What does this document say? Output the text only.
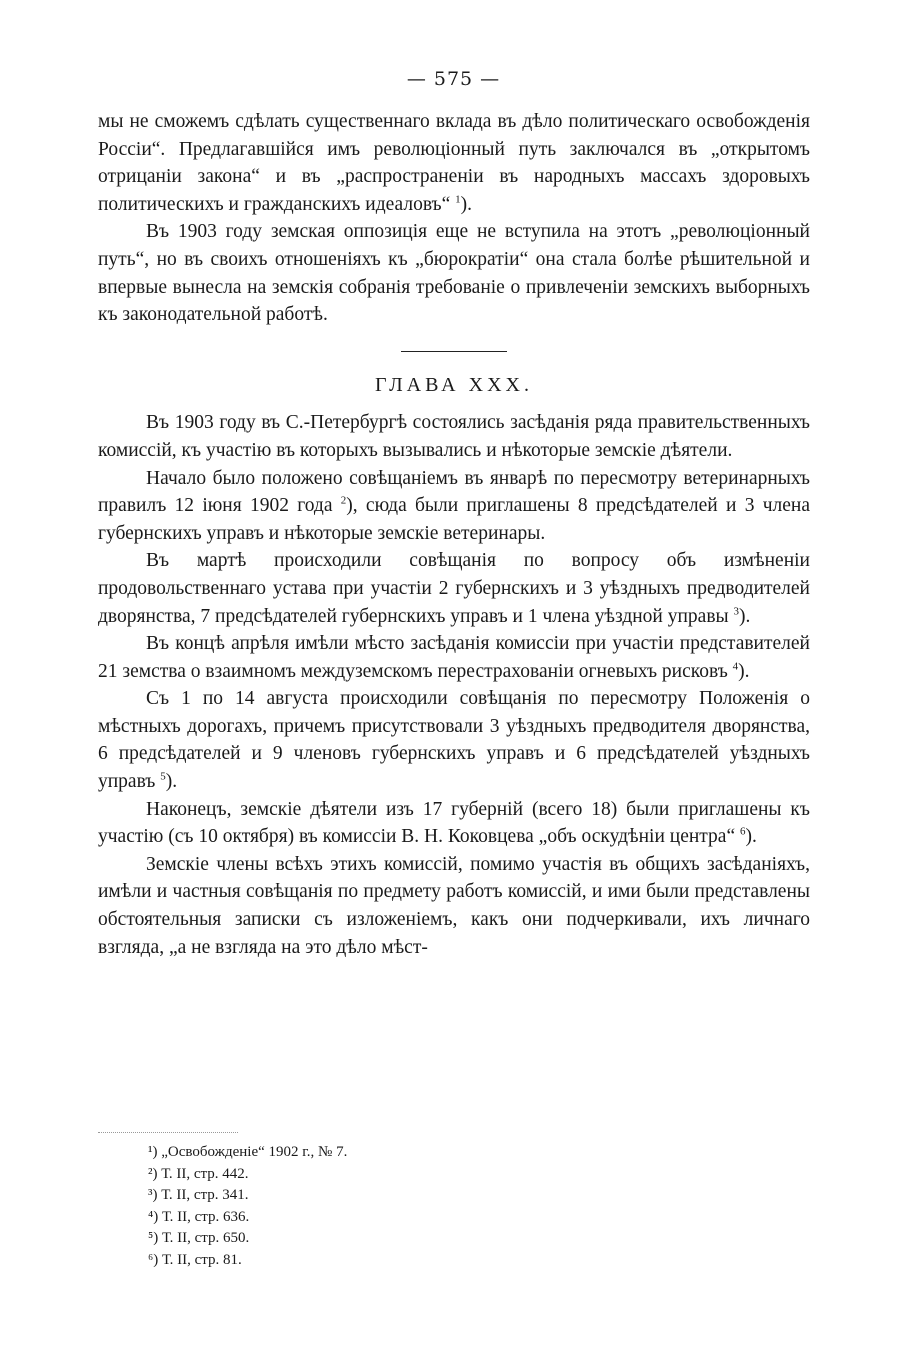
— 575 —

мы не сможемъ сдѣлать существеннаго вклада въ дѣло политическаго освобожденія Россіи“. Предлагавшійся имъ революціонный путь заключался въ „открытомъ отрицаніи закона“ и въ „распространеніи въ народныхъ массахъ здоровыхъ политическихъ и гражданскихъ идеаловъ“ $^1$).

Въ 1903 году земская оппозиція еще не вступила на этотъ „революціонный путь“, но въ своихъ отношеніяхъ къ „бюрократіи“ она стала болѣе рѣшительной и впервые вынесла на земскія собранія требованіе о привлеченіи земскихъ выборныхъ къ законодательной работѣ.

ГЛАВА XXX.

Въ 1903 году въ С.-Петербургѣ состоялись засѣданія ряда правительственныхъ комиссій, къ участію въ которыхъ вызывались и нѣкоторые земскіе дѣятели.

Начало было положено совѣщаніемъ въ январѣ по пересмотру ветеринарныхъ правилъ 12 іюня 1902 года $^2$), сюда были приглашены 8 предсѣдателей и 3 члена губернскихъ управъ и нѣкоторые земскіе ветеринары.

Въ мартѣ происходили совѣщанія по вопросу объ измѣненіи продовольственнаго устава при участіи 2 губернскихъ и 3 уѣздныхъ предводителей дворянства, 7 предсѣдателей губернскихъ управъ и 1 члена уѣздной управы $^3$).

Въ концѣ апрѣля имѣли мѣсто засѣданія комиссіи при участіи представителей 21 земства о взаимномъ междуземскомъ перестрахованіи огневыхъ рисковъ $^4$).

Съ 1 по 14 августа происходили совѣщанія по пересмотру Положенія о мѣстныхъ дорогахъ, причемъ присутствовали 3 уѣздныхъ предводителя дворянства, 6 предсѣдателей и 9 членовъ губернскихъ управъ и 6 предсѣдателей уѣздныхъ управъ $^5$).

Наконецъ, земскіе дѣятели изъ 17 губерній (всего 18) были приглашены къ участію (съ 10 октября) въ комиссіи В. Н. Коковцева „объ оскудѣніи центра“ $^6$).

Земскіе члены всѣхъ этихъ комиссій, помимо участія въ общихъ засѣданіяхъ, имѣли и частныя совѣщанія по предмету работъ комиссій, и ими были представлены обстоятельныя записки съ изложеніемъ, какъ они подчеркивали, ихъ личнаго взгляда, „а не взгляда на это дѣло мѣст-

¹) „Освобожденіе“ 1902 г., № 7.
²) Т. II, стр. 442.
³) Т. II, стр. 341.
⁴) Т. II, стр. 636.
⁵) Т. II, стр. 650.
⁶) Т. II, стр. 81.
